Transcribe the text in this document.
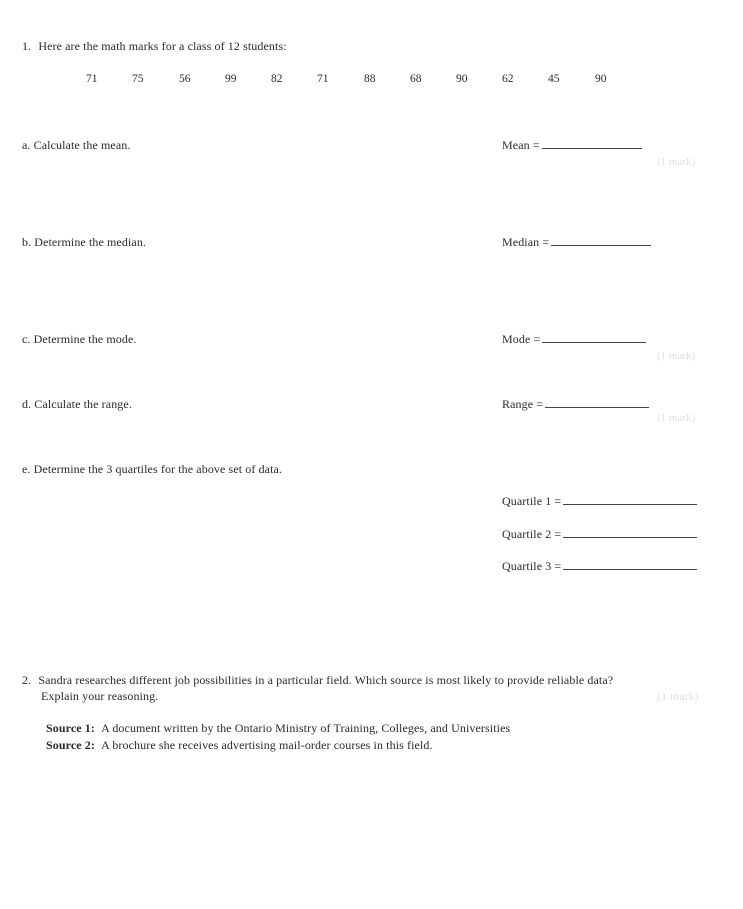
1. Here are the math marks for a class of 12 students:
71	75	56	99	82	71	88	68	90	62	45	90
a. Calculate the mean.	Mean =
(1 mark)
b. Determine the median.	Median =
c. Determine the mode.	Mode =
(1 mark)
d. Calculate the range.	Range =
(1 mark)
e. Determine the 3 quartiles for the above set of data.
Quartile 1 =
Quartile 2 =
Quartile 3 =
2. Sandra researches different job possibilities in a particular field. Which source is most likely to provide reliable data?
Explain your reasoning.	(1 mark)
Source 1: A document written by the Ontario Ministry of Training, Colleges, and Universities
Source 2: A brochure she receives advertising mail-order courses in this field.
